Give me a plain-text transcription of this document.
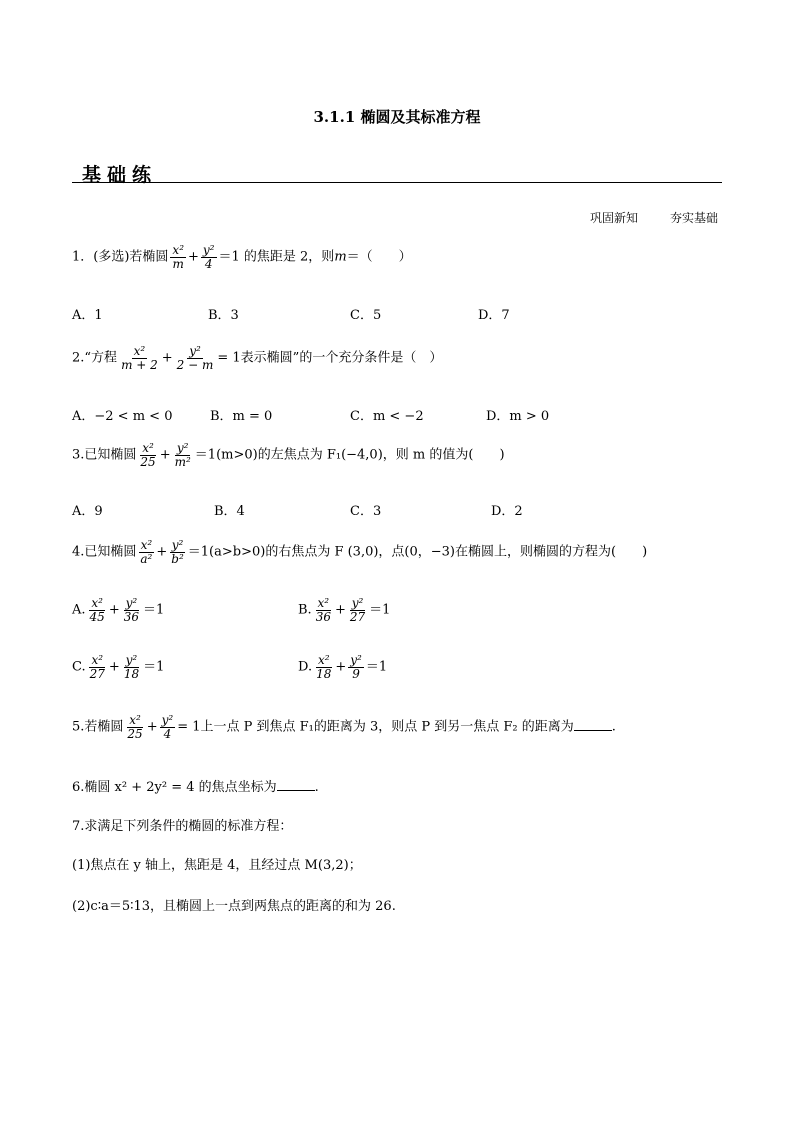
3.1.1 椭圆及其标准方程
基础练
巩固新知	夯实基础
1．(多选)若椭圆 $\frac{\text{x²}}{m} + \frac{\text{y²}}{4} =1$ 的焦距是 2，则m＝（　　）
A．1	B．3	C．5	D．7
2.“方程 $\frac{\text{x²}}{m + 2} + \frac{\text{y²}}{2 - m} = 1$表示椭圆”的一个充分条件是（　）
A．−2 < m < 0	B．m = 0	C．m < −2	D．m > 0
3.已知椭圆 $\frac{\text{x²}}{25} + \frac{\text{y²}}{\text{m²}} =1(m>0)$的左焦点为 F₁(−4,0)，则 m 的值为(　　)
A．9	B．4	C．3	D．2
4.已知椭圆 $\frac{\text{x²}}{\text{a²}} + \frac{\text{y²}}{\text{b²}} =1(a>b>0)$的右焦点为 F (3,0)，点(0，−3)在椭圆上，则椭圆的方程为(　　)
A. $\frac{\text{x²}}{45} + \frac{\text{y²}}{36} =1$	B. $\frac{\text{x²}}{36} + \frac{\text{y²}}{27} =1$
C. $\frac{\text{x²}}{27} + \frac{\text{y²}}{18} =1$	D. $\frac{\text{x²}}{18} + \frac{\text{y²}}{9} =1$
5.若椭圆 $\frac{\text{x²}}{25} + \frac{\text{y²}}{4} = 1$上一点 P 到焦点 F₁的距离为 3，则点 P 到另一焦点 F₂ 的距离为	.
6.椭圆 x² + 2y² = 4 的焦点坐标为	.
7.求满足下列条件的椭圆的标准方程：
(1)焦点在 y 轴上，焦距是 4，且经过点 M(3,2)；
(2)c∶a＝5∶13，且椭圆上一点到两焦点的距离的和为 26.
